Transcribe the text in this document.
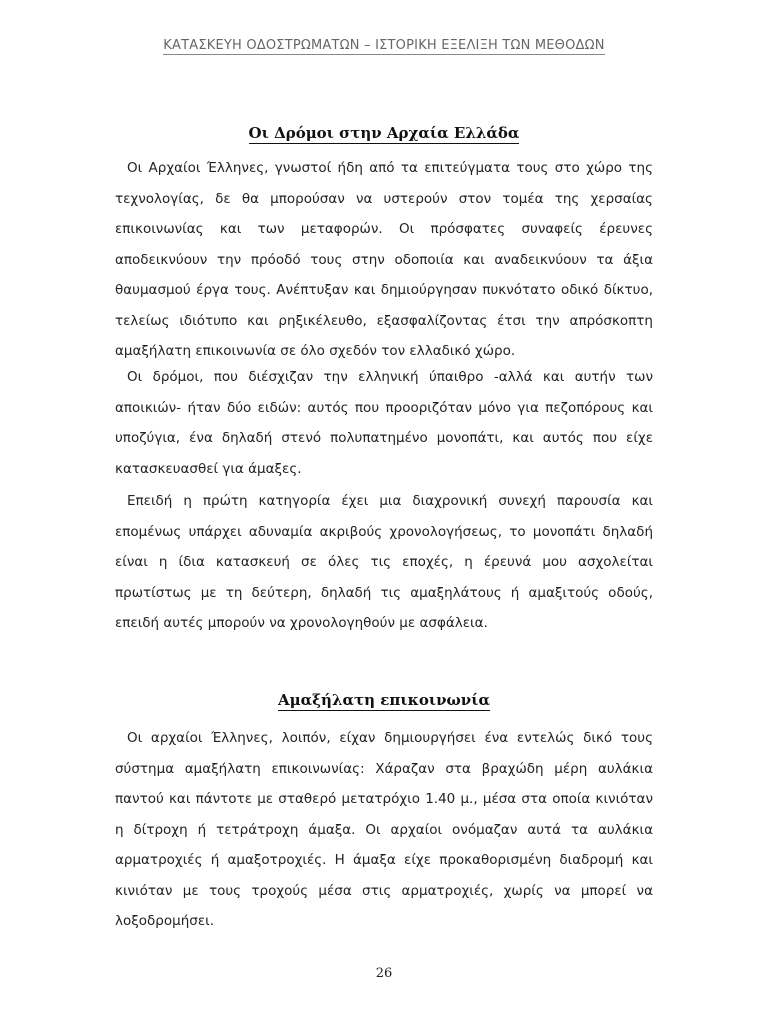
ΚΑΤΑΣΚΕΥΗ ΟΔΟΣΤΡΩΜΑΤΩΝ – ΙΣΤΟΡΙΚΗ ΕΞΕΛΙΞΗ ΤΩΝ ΜΕΘΟΔΩΝ
Οι Δρόμοι στην Αρχαία Ελλάδα

Οι Αρχαίοι Έλληνες, γνωστοί ήδη από τα επιτεύγματα τους στο χώρο της τεχνολογίας, δε θα μπορούσαν να υστερούν στον τομέα της χερσαίας επικοινωνίας και των μεταφορών. Οι πρόσφατες συναφείς έρευνες αποδεικνύουν την πρόοδό τους στην οδοποιία και αναδεικνύουν τα άξια θαυμασμού έργα τους. Ανέπτυξαν και δημιούργησαν πυκνότατο οδικό δίκτυο, τελείως ιδιότυπο και ρηξικέλευθο, εξασφαλίζοντας έτσι την απρόσκοπτη αμαξήλατη επικοινωνία σε όλο σχεδόν τον ελλαδικό χώρο.

Οι δρόμοι, που διέσχιζαν την ελληνική ύπαιθρο -αλλά και αυτήν των αποικιών- ήταν δύο ειδών: αυτός που προοριζόταν μόνο για πεζοπόρους και υποζύγια, ένα δηλαδή στενό πολυπατημένο μονοπάτι, και αυτός που είχε κατασκευασθεί για άμαξες.

Επειδή η πρώτη κατηγορία έχει μια διαχρονική συνεχή παρουσία και επομένως υπάρχει αδυναμία ακριβούς χρονολογήσεως, το μονοπάτι δηλαδή είναι η ίδια κατασκευή σε όλες τις εποχές, η έρευνά μου ασχολείται πρωτίστως με τη δεύτερη, δηλαδή τις αμαξηλάτους ή αμαξιτούς οδούς, επειδή αυτές μπορούν να χρονολογηθούν με ασφάλεια.

Αμαξήλατη επικοινωνία

Οι αρχαίοι Έλληνες, λοιπόν, είχαν δημιουργήσει ένα εντελώς δικό τους σύστημα αμαξήλατη επικοινωνίας: Χάραζαν στα βραχώδη μέρη αυλάκια παντού και πάντοτε με σταθερό μετατρόχιο 1.40 μ., μέσα στα οποία κινιόταν η δίτροχη ή τετράτροχη άμαξα. Οι αρχαίοι ονόμαζαν αυτά τα αυλάκια αρματροχιές ή αμαξοτροχιές. Η άμαξα είχε προκαθορισμένη διαδρομή και κινιόταν με τους τροχούς μέσα στις αρματροχιές, χωρίς να μπορεί να λοξοδρομήσει.

26
